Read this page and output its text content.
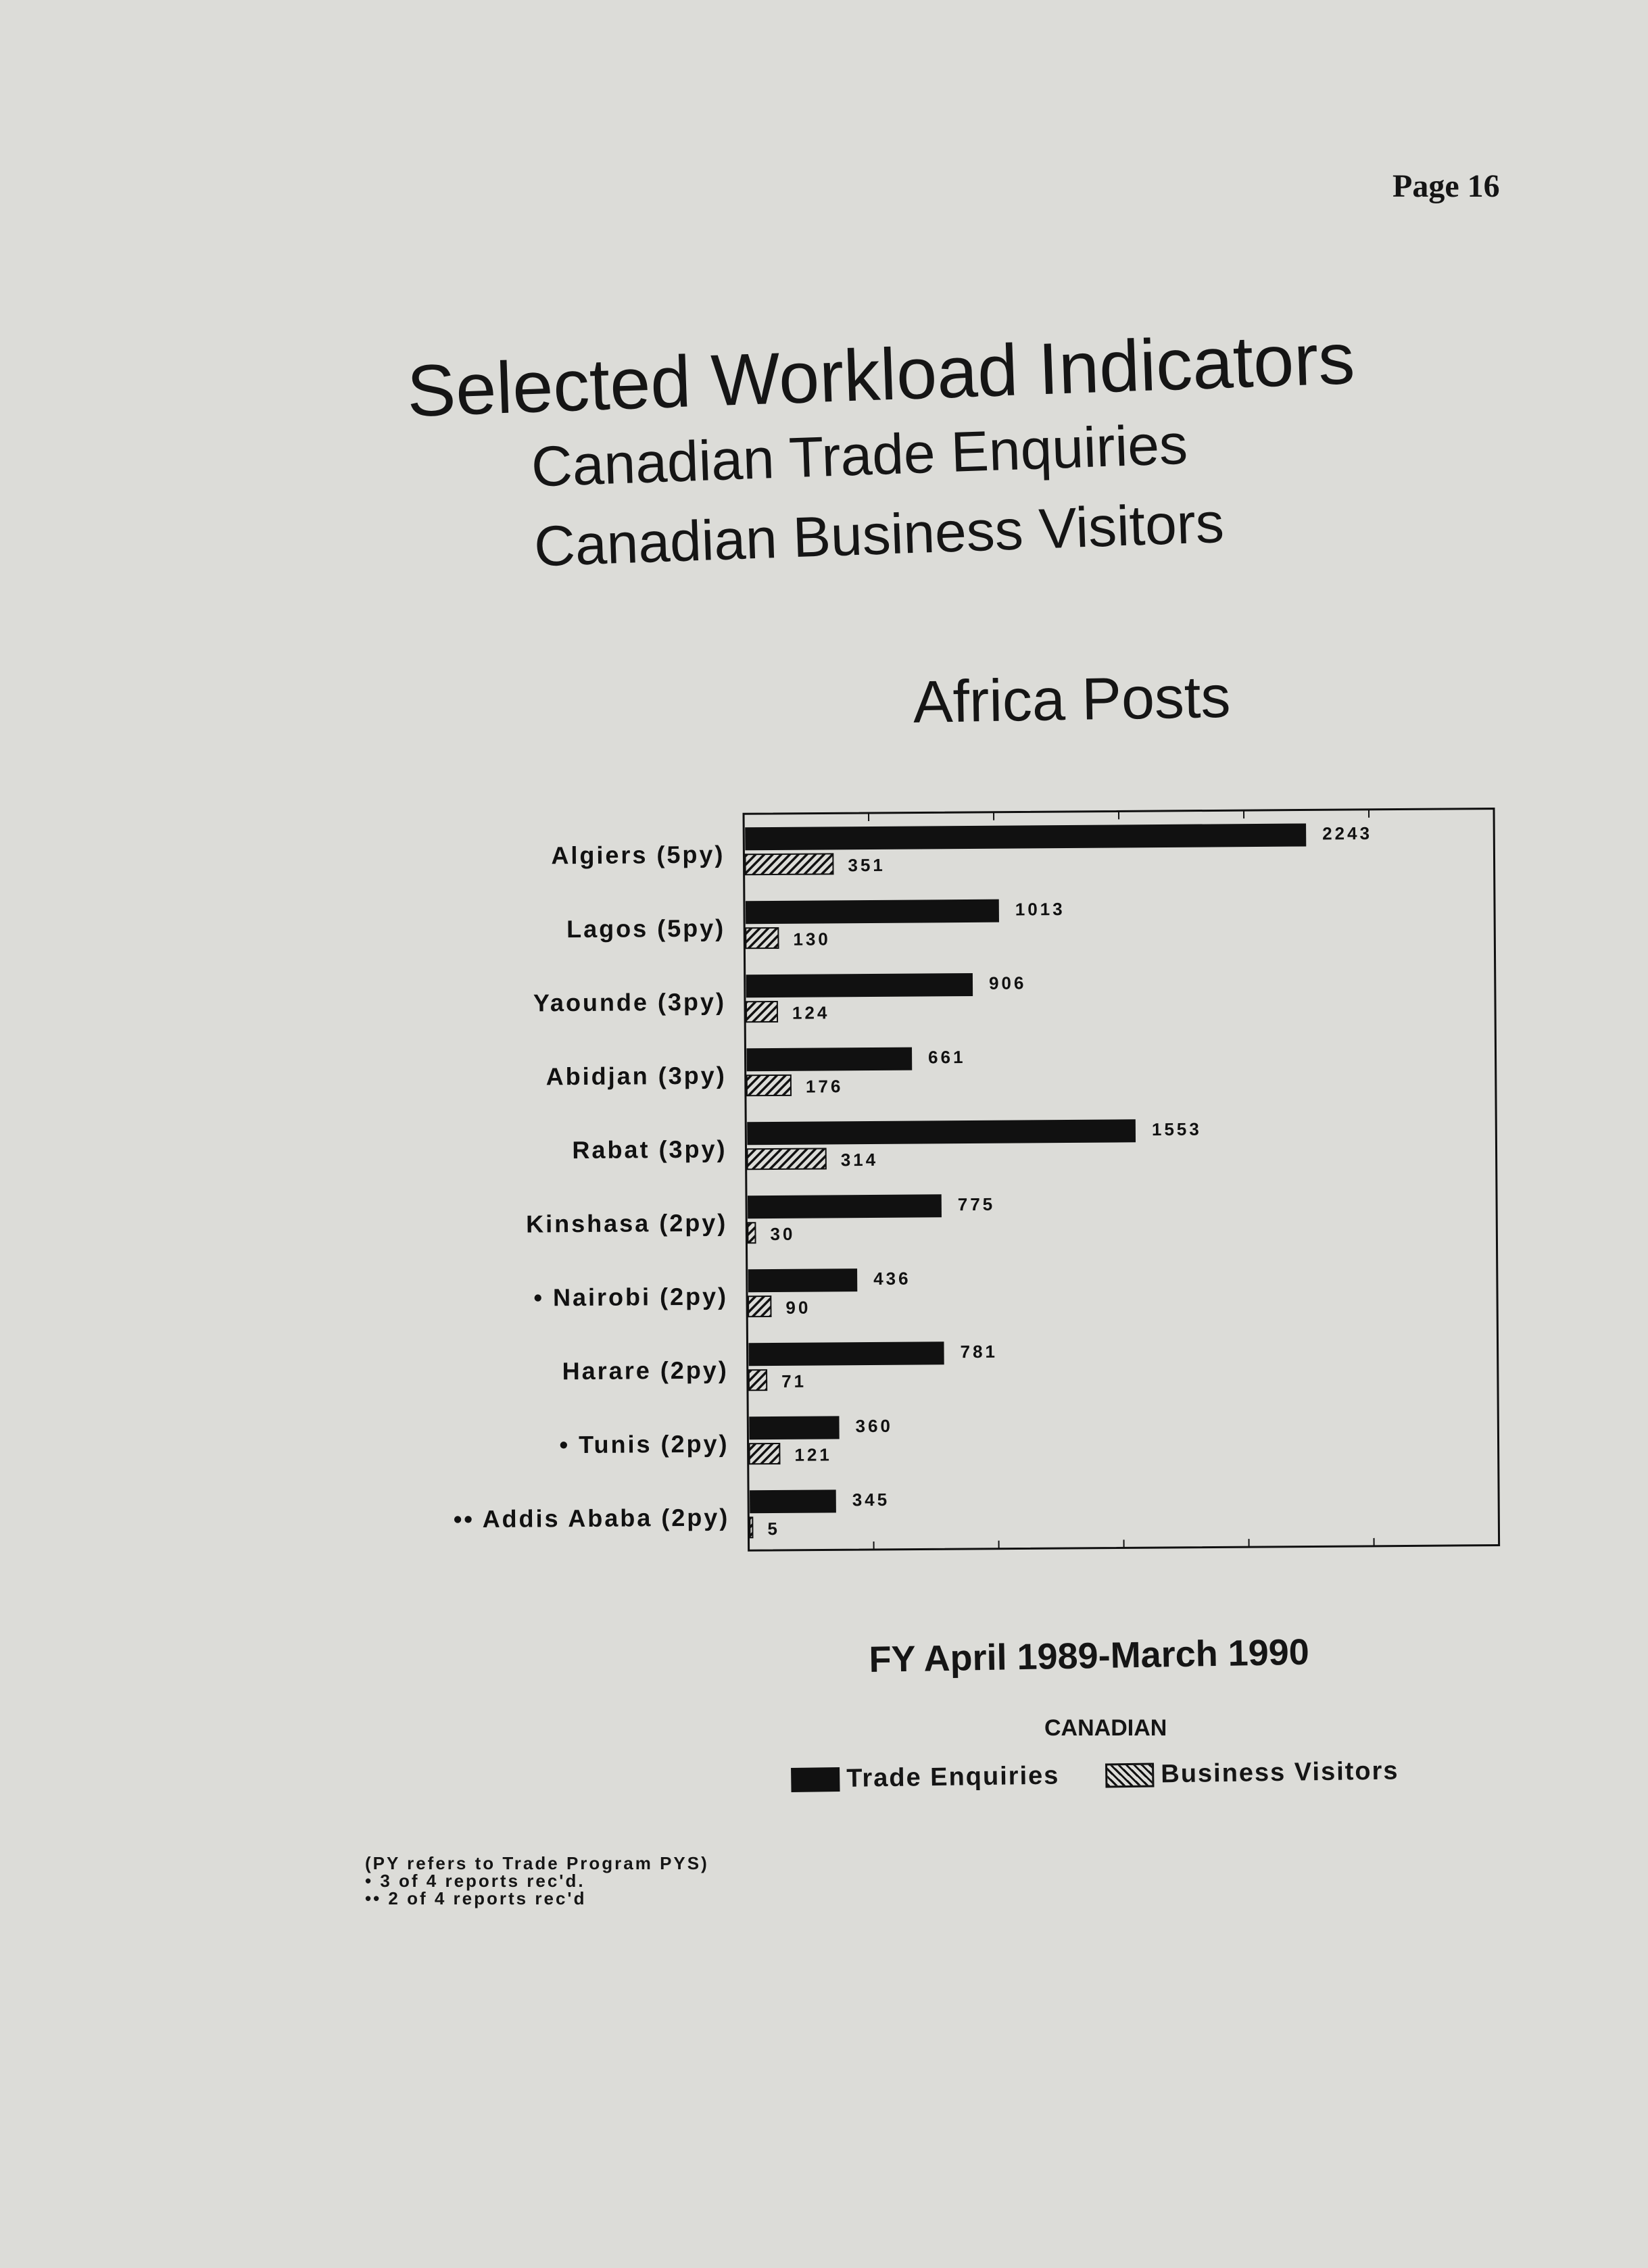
Page 16
Selected Workload Indicators
Canadian Trade Enquiries
Canadian Business Visitors
Africa Posts
Algiers (5py)
2243
351
Lagos (5py)
1013
130
Yaounde (3py)
906
124
Abidjan (3py)
661
176
Rabat (3py)
1553
314
Kinshasa (2py)
775
30
• Nairobi (2py)
436
90
Harare (2py)
781
71
• Tunis (2py)
360
121
•• Addis Ababa (2py)
345
5
FY April 1989-March 1990
CANADIAN
Trade Enquiries	Business Visitors
(PY refers to Trade Program PYS)
• 3 of 4 reports rec'd.
•• 2 of 4 reports rec'd
